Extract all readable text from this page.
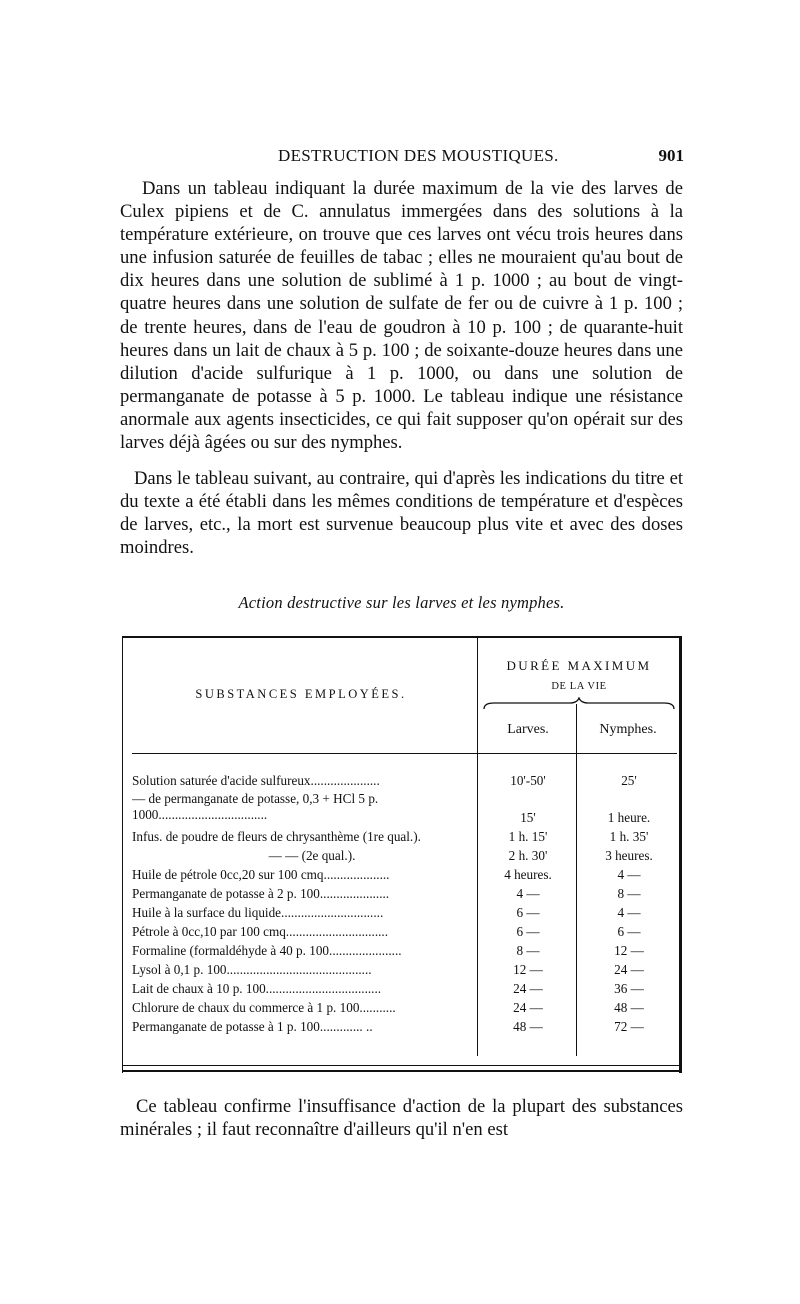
DESTRUCTION DES MOUSTIQUES.	901
Dans un tableau indiquant la durée maximum de la vie des larves de Culex pipiens et de C. annulatus immergées dans des solutions à la température extérieure, on trouve que ces larves ont vécu trois heures dans une infusion saturée de feuilles de tabac ; elles ne mouraient qu'au bout de dix heures dans une solution de sublimé à 1 p. 1000 ; au bout de vingt-quatre heures dans une solution de sulfate de fer ou de cuivre à 1 p. 100 ; de trente heures, dans de l'eau de goudron à 10 p. 100 ; de quarante-huit heures dans un lait de chaux à 5 p. 100 ; de soixante-douze heures dans une dilution d'acide sulfurique à 1 p. 1000, ou dans une solution de permanganate de potasse à 5 p. 1000. Le tableau indique une résistance anormale aux agents insecticides, ce qui fait supposer qu'on opérait sur des larves déjà âgées ou sur des nymphes.
Dans le tableau suivant, au contraire, qui d'après les indications du titre et du texte a été établi dans les mêmes conditions de température et d'espèces de larves, etc., la mort est survenue beaucoup plus vite et avec des doses moindres.
Action destructive sur les larves et les nymphes.
SUBSTANCES EMPLOYÉES.
DURÉE MAXIMUM
DE LA VIE
Larves.	Nymphes.
Solution saturée d'acide sulfureux.....................	10'-50'	25'
— de permanganate de potasse, 0,3 + HCl 5 p. 1000.................................	15'	1 heure.
Infus. de poudre de fleurs de chrysanthème (1re qual.).	1 h. 15'	1 h. 35'
— — (2e qual.).	2 h. 30'	3 heures.
Huile de pétrole 0cc,20 sur 100 cmq....................	4 heures.	4 —
Permanganate de potasse à 2 p. 100.....................	4 —	8 —
Huile à la surface du liquide...............................	6 —	4 —
Pétrole à 0cc,10 par 100 cmq...............................	6 —	6 —
Formaline (formaldéhyde à 40 p. 100......................	8 —	12 —
Lysol à 0,1 p. 100............................................	12 —	24 —
Lait de chaux à 10 p. 100...................................	24 —	36 —
Chlorure de chaux du commerce à 1 p. 100...........	24 —	48 —
Permanganate de potasse à 1 p. 100............. ..	48 —	72 —
Ce tableau confirme l'insuffisance d'action de la plupart des substances minérales ; il faut reconnaître d'ailleurs qu'il n'en est
